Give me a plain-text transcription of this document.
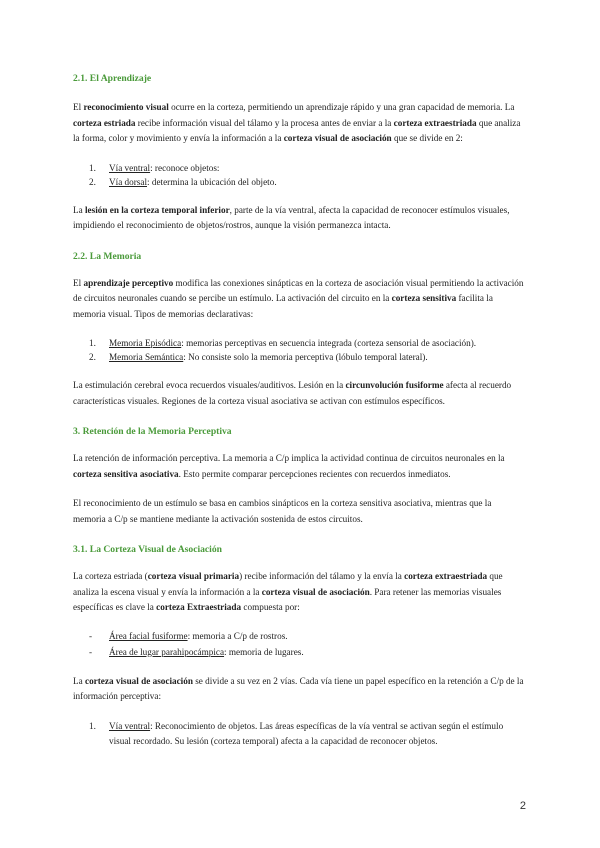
2.1. El Aprendizaje

El reconocimiento visual ocurre en la corteza, permitiendo un aprendizaje rápido y una gran capacidad de memoria. La corteza estriada recibe información visual del tálamo y la procesa antes de enviar a la corteza extraestriada que analiza la forma, color y movimiento y envía la información a la corteza visual de asociación que se divide en 2:

1. Vía ventral: reconoce objetos:
2. Vía dorsal: determina la ubicación del objeto.

La lesión en la corteza temporal inferior, parte de la vía ventral, afecta la capacidad de reconocer estímulos visuales, impidiendo el reconocimiento de objetos/rostros, aunque la visión permanezca intacta.

2.2. La Memoria

El aprendizaje perceptivo modifica las conexiones sinápticas en la corteza de asociación visual permitiendo la activación de circuitos neuronales cuando se percibe un estímulo. La activación del circuito en la corteza sensitiva facilita la memoria visual. Tipos de memorias declarativas:

1. Memoria Episódica: memorias perceptivas en secuencia integrada (corteza sensorial de asociación).
2. Memoria Semántica: No consiste solo la memoria perceptiva (lóbulo temporal lateral).

La estimulación cerebral evoca recuerdos visuales/auditivos. Lesión en la circunvolución fusiforme afecta al recuerdo características visuales. Regiones de la corteza visual asociativa se activan con estímulos específicos.

3. Retención de la Memoria Perceptiva

La retención de información perceptiva. La memoria a C/p implica la actividad continua de circuitos neuronales en la corteza sensitiva asociativa. Esto permite comparar percepciones recientes con recuerdos inmediatos.

El reconocimiento de un estímulo se basa en cambios sinápticos en la corteza sensitiva asociativa, mientras que la memoria a C/p se mantiene mediante la activación sostenida de estos circuitos.

3.1. La Corteza Visual de Asociación

La corteza estriada (corteza visual primaria) recibe información del tálamo y la envía la corteza extraestriada que analiza la escena visual y envía la información a la corteza visual de asociación. Para retener las memorias visuales específicas es clave la corteza Extraestriada compuesta por:

- Área facial fusiforme: memoria a C/p de rostros.
- Área de lugar parahipocámpica: memoria de lugares.

La corteza visual de asociación se divide a su vez en 2 vías. Cada vía tiene un papel específico en la retención a C/p de la información perceptiva:

1. Vía ventral: Reconocimiento de objetos. Las áreas específicas de la vía ventral se activan según el estímulo visual recordado. Su lesión (corteza temporal) afecta a la capacidad de reconocer objetos.
2
